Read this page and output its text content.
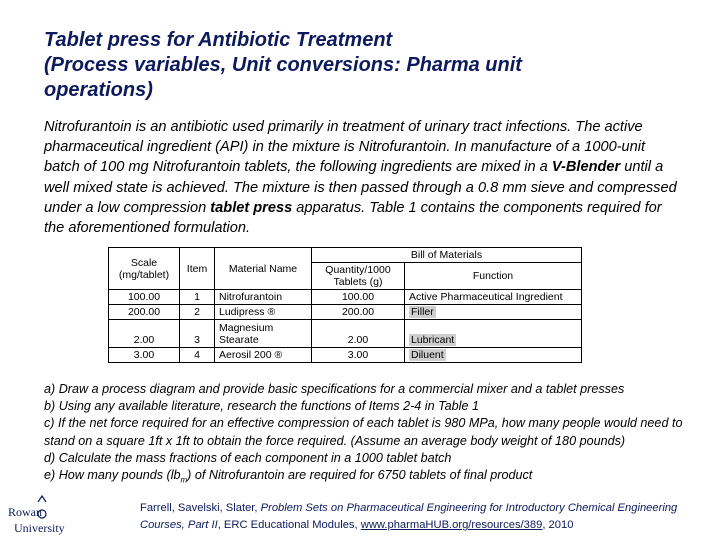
Tablet press for Antibiotic Treatment
(Process variables, Unit conversions: Pharma unit
operations)
Nitrofurantoin is an antibiotic used primarily in treatment of urinary tract infections. The active pharmaceutical ingredient (API) in the mixture is Nitrofurantoin. In manufacture of a 1000-unit batch of 100 mg Nitrofurantoin tablets, the following ingredients are mixed in a V-Blender until a well mixed state is achieved. The mixture is then passed through a 0.8 mm sieve and compressed under a low compression tablet press apparatus. Table 1 contains the components required for the aforementioned formulation.
Scale (mg/tablet)	Item	Material Name	Bill of Materials	
			Quantity/1000 Tablets (g)	Function
100.00	1	Nitrofurantoin	100.00	Active Pharmaceutical Ingredient
200.00	2	Ludipress ®	200.00	Filler
2.00	3	Magnesium Stearate	2.00	Lubricant
3.00	4	Aerosil 200 ®	3.00	Diluent
a) Draw a process diagram and provide basic specifications for a commercial mixer and a tablet presses
b) Using any available literature, research the functions of Items 2-4 in Table 1
c) If the net force required for an effective compression of each tablet is 980 MPa, how many people would need to stand on a square 1ft x 1ft to obtain the force required. (Assume an average body weight of 180 pounds)
d) Calculate the mass fractions of each component in a 1000 tablet batch
e) How many pounds $(lb_m)$ of Nitrofurantoin are required for 6750 tablets of final product
Rowan
University
Farrell, Savelski, Slater, Problem Sets on Pharmaceutical Engineering for Introductory Chemical Engineering Courses, Part II, ERC Educational Modules, www.pharmaHUB.org/resources/389, 2010
